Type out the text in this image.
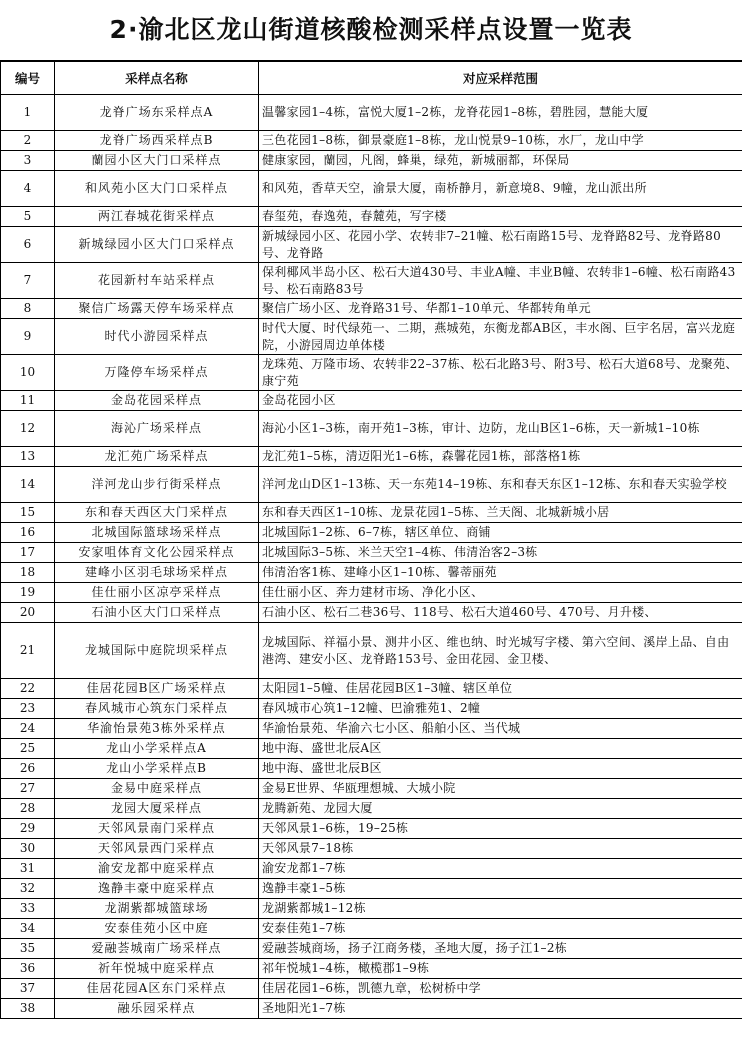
2·渝北区龙山街道核酸检测采样点设置一览表
编号	采样点名称	对应采样范围
1	龙脊广场东采样点A	温馨家园1–4栋，富悦大厦1–2栋，龙脊花园1–8栋，碧胜园，慧能大厦
2	龙脊广场西采样点B	三色花园1–8栋，御景豪庭1–8栋，龙山悦景9–10栋，水厂，龙山中学
3	蘭园小区大门口采样点	健康家园，蘭园，凡阁，蜂巢，绿苑，新城丽都，环保局
4	和风苑小区大门口采样点	和风苑，香草天空，渝景大厦，南桥静月，新意境8、9幢，龙山派出所
5	两江春城花街采样点	春玺苑，春逸苑，春麓苑，写字楼
6	新城绿园小区大门口采样点	新城绿园小区、花园小学、农转非7–21幢、松石南路15号、龙脊路82号、龙脊路80号、龙脊路
7	花园新村车站采样点	保利椰风半岛小区、松石大道430号、丰业A幢、丰业B幢、农转非1–6幢、松石南路43号、松石南路83号
8	聚信广场露天停车场采样点	聚信广场小区、龙脊路31号、华都1–10单元、华都转角单元
9	时代小游园采样点	时代大厦、时代绿苑一、二期，燕城苑，东衡龙都AB区，丰水阁、巨宇名居，富兴龙庭院，小游园周边单体楼
10	万隆停车场采样点	龙珠苑、万隆市场、农转非22–37栋、松石北路3号、附3号、松石大道68号、龙聚苑、康宁苑
11	金岛花园采样点	金岛花园小区
12	海沁广场采样点	海沁小区1–3栋，南开苑1–3栋，审计、边防，龙山B区1–6栋，天一新城1–10栋
13	龙汇苑广场采样点	龙汇苑1–5栋，清迈阳光1–6栋，森馨花园1栋，部落格1栋
14	洋河龙山步行街采样点	洋河龙山D区1–13栋、天一东苑14–19栋、东和春天东区1–12栋、东和春天实验学校
15	东和春天西区大门采样点	东和春天西区1–10栋、龙景花园1–5栋、兰天阁、北城新城小居
16	北城国际篮球场采样点	北城国际1–2栋、6–7栋，辖区单位、商铺
17	安家咀体育文化公园采样点	北城国际3–5栋、米兰天空1–4栋、伟清治客2–3栋
18	建峰小区羽毛球场采样点	伟清治客1栋、建峰小区1–10栋、馨蒂丽苑
19	佳仕丽小区凉亭采样点	佳仕丽小区、奔力建材市场、净化小区、
20	石油小区大门口采样点	石油小区、松石二巷36号、118号、松石大道460号、470号、月升楼、
21	龙城国际中庭院坝采样点	龙城国际、祥福小景、测井小区、维也纳、时光城写字楼、第六空间、溪岸上品、自由港湾、建安小区、龙脊路153号、金田花园、金卫楼、
22	佳居花园B区广场采样点	太阳园1–5幢、佳居花园B区1–3幢、辖区单位
23	春风城市心筑东门采样点	春风城市心筑1–12幢、巴渝雅苑1、2幢
24	华渝怡景苑3栋外采样点	华渝怡景苑、华渝六七小区、船舶小区、当代城
25	龙山小学采样点A	地中海、盛世北辰A区
26	龙山小学采样点B	地中海、盛世北辰B区
27	金易中庭采样点	金易E世界、华瓯理想城、大城小院
28	龙园大厦采样点	龙腾新苑、龙园大厦
29	天邻风景南门采样点	天邻风景1–6栋，19–25栋
30	天邻风景西门采样点	天邻风景7–18栋
31	渝安龙都中庭采样点	渝安龙都1–7栋
32	逸静丰豪中庭采样点	逸静丰豪1–5栋
33	龙湖紫都城篮球场	龙湖紫都城1–12栋
34	安泰佳苑小区中庭	安泰佳苑1–7栋
35	爱融荟城南广场采样点	爱融荟城商场，扬子江商务楼，圣地大厦，扬子江1–2栋
36	祈年悦城中庭采样点	祁年悦城1–4栋，橄榄郡1–9栋
37	佳居花园A区东门采样点	佳居花园1–6栋，凯德九章，松树桥中学
38	融乐园采样点	圣地阳光1–7栋
